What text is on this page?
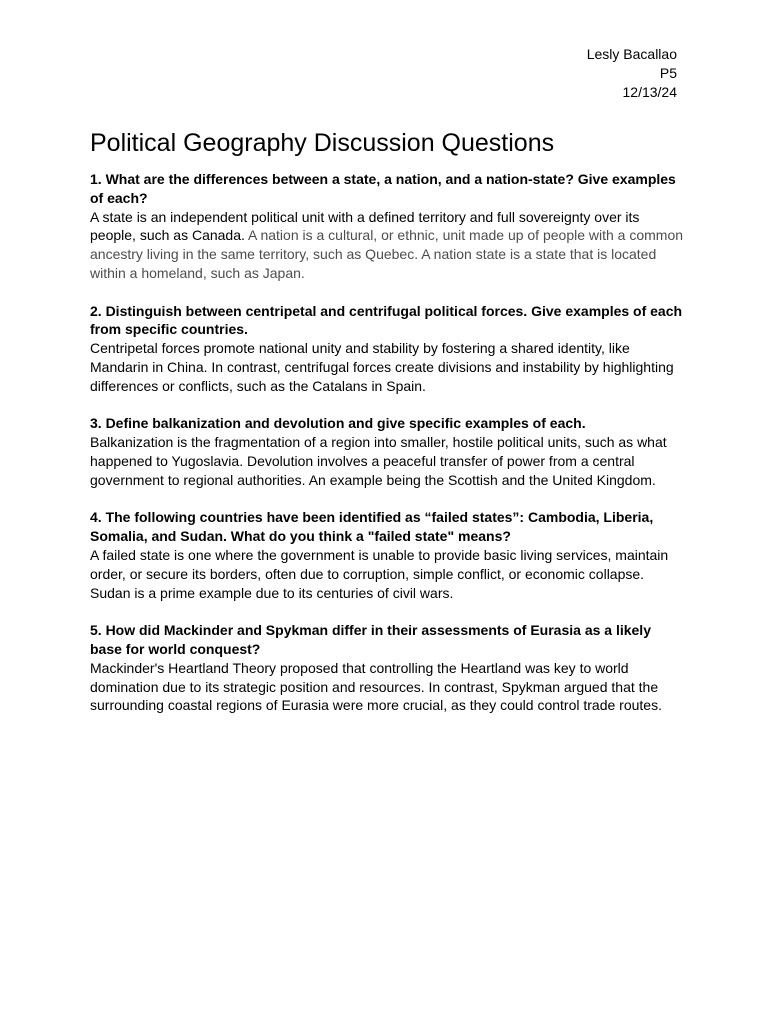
Lesly Bacallao
P5
12/13/24
Political Geography Discussion Questions

1. What are the differences between a state, a nation, and a nation-state? Give examples of each?

A state is an independent political unit with a defined territory and full sovereignty over its people, such as Canada. A nation is a cultural, or ethnic, unit made up of people with a common ancestry living in the same territory, such as Quebec. A nation state is a state that is located within a homeland, such as Japan.

2. Distinguish between centripetal and centrifugal political forces. Give examples of each from specific countries.

Centripetal forces promote national unity and stability by fostering a shared identity, like Mandarin in China. In contrast, centrifugal forces create divisions and instability by highlighting differences or conflicts, such as the Catalans in Spain.

3. Define balkanization and devolution and give specific examples of each.

Balkanization is the fragmentation of a region into smaller, hostile political units, such as what happened to Yugoslavia. Devolution involves a peaceful transfer of power from a central government to regional authorities. An example being the Scottish and the United Kingdom.

4. The following countries have been identified as “failed states”: Cambodia, Liberia, Somalia, and Sudan. What do you think a "failed state" means?

A failed state is one where the government is unable to provide basic living services, maintain order, or secure its borders, often due to corruption, simple conflict, or economic collapse. Sudan is a prime example due to its centuries of civil wars.

5. How did Mackinder and Spykman differ in their assessments of Eurasia as a likely base for world conquest?

Mackinder's Heartland Theory proposed that controlling the Heartland was key to world domination due to its strategic position and resources. In contrast, Spykman argued that the surrounding coastal regions of Eurasia were more crucial, as they could control trade routes.
